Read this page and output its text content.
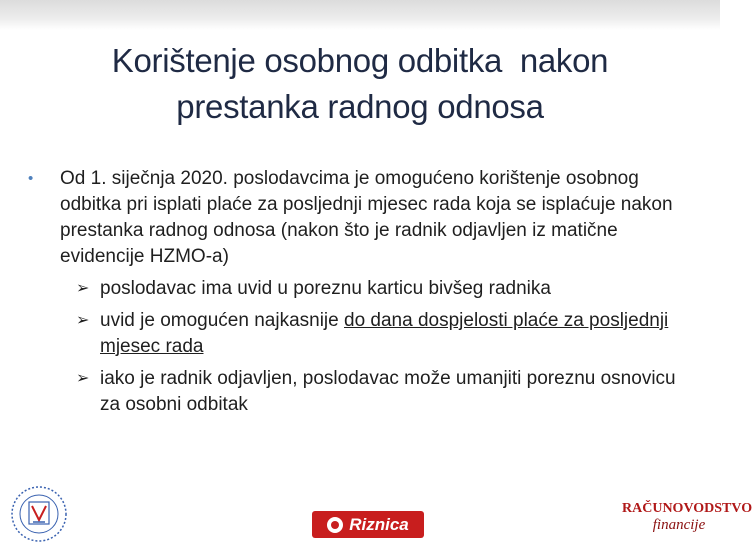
Korištenje osobnog odbitka  nakon
prestanka radnog odnosa

• Od 1. siječnja 2020. poslodavcima je omogućeno korištenje osobnog odbitka pri isplati plaće za posljednji mjesec rada koja se isplaćuje nakon prestanka radnog odnosa (nakon što je radnik odjavljen iz matične evidencije HZMO-a)

➢ poslodavac ima uvid u poreznu karticu bivšeg radnika

➢ uvid je omogućen najkasnije do dana dospjelosti plaće za posljednji mjesec rada

➢ iako je radnik odjavljen, poslodavac može umanjiti poreznu osnovicu za osobni odbitak

Riznica
RAČUNOVODSTVO
financije
